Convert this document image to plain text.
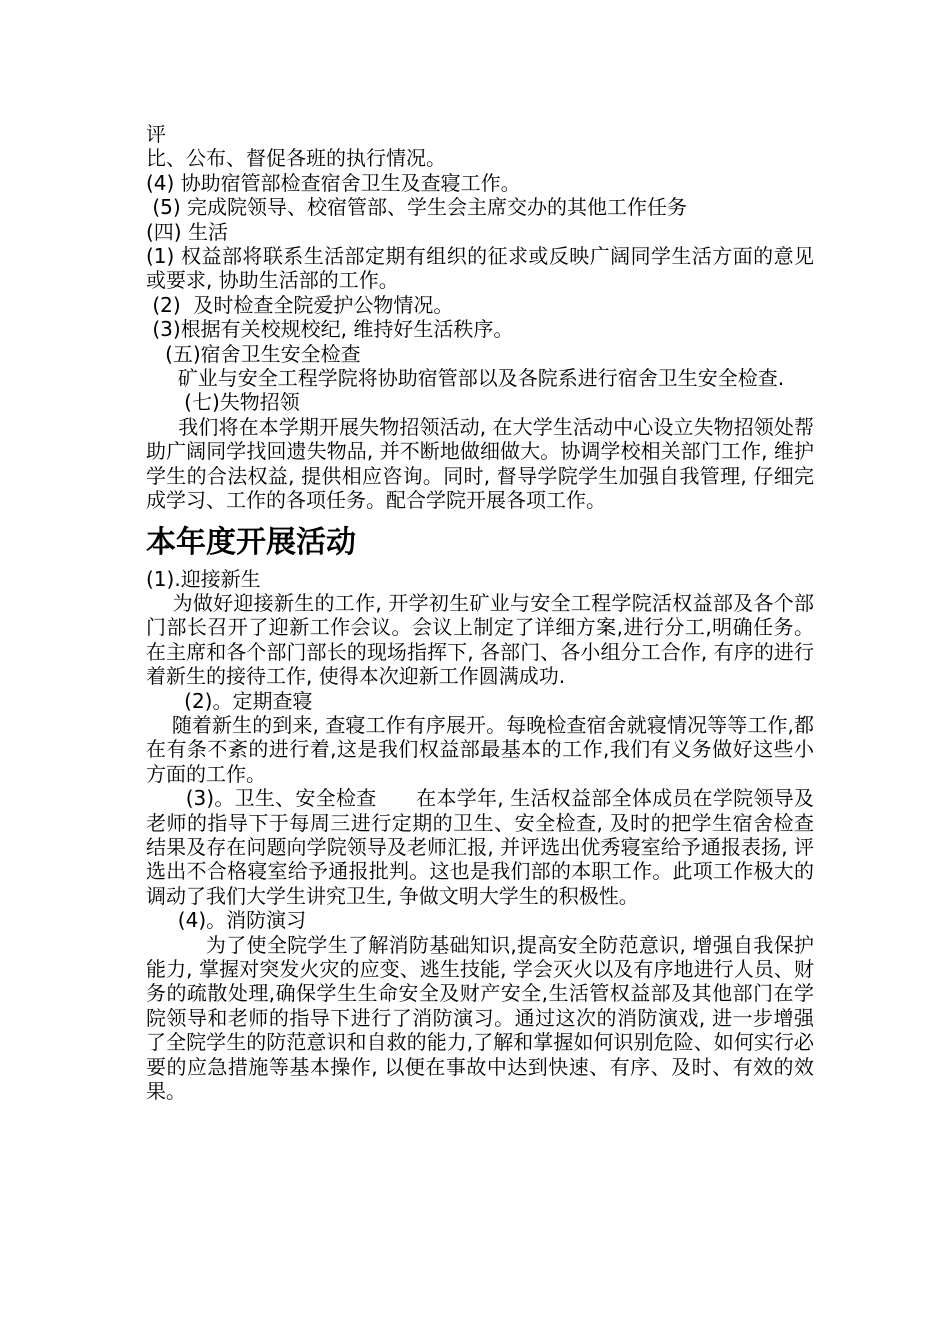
评

比、公布、督促各班的执行情况。

(4) 协助宿管部检查宿舍卫生及查寝工作。

(5) 完成院领导、校宿管部、学生会主席交办的其他工作任务

(四) 生活

(1) 权益部将联系生活部定期有组织的征求或反映广阔同学生活方面的意见或要求, 协助生活部的工作。

(2)  及时检查全院爱护公物情况。

(3)根据有关校规校纪, 维持好生活秩序。

(五)宿舍卫生安全检查

矿业与安全工程学院将协助宿管部以及各院系进行宿舍卫生安全检查.

(七)失物招领

我们将在本学期开展失物招领活动, 在大学生活动中心设立失物招领处帮助广阔同学找回遗失物品, 并不断地做细做大。协调学校相关部门工作, 维护学生的合法权益, 提供相应咨询。同时, 督导学院学生加强自我管理, 仔细完成学习、工作的各项任务。配合学院开展各项工作。

本年度开展活动

(1).迎接新生

为做好迎接新生的工作, 开学初生矿业与安全工程学院活权益部及各个部门部长召开了迎新工作会议。会议上制定了详细方案,进行分工,明确任务。在主席和各个部门部长的现场指挥下, 各部门、各小组分工合作, 有序的进行着新生的接待工作, 使得本次迎新工作圆满成功.

(2)。定期查寝

随着新生的到来, 查寝工作有序展开。每晚检查宿舍就寝情况等等工作,都在有条不紊的进行着,这是我们权益部最基本的工作,我们有义务做好这些小方面的工作。

(3)。卫生、安全检查      在本学年, 生活权益部全体成员在学院领导及老师的指导下于每周三进行定期的卫生、安全检查, 及时的把学生宿舍检查结果及存在问题向学院领导及老师汇报, 并评选出优秀寝室给予通报表扬, 评选出不合格寝室给予通报批判。这也是我们部的本职工作。此项工作极大的调动了我们大学生讲究卫生, 争做文明大学生的积极性。

(4)。消防演习

为了使全院学生了解消防基础知识,提高安全防范意识, 增强自我保护能力, 掌握对突发火灾的应变、逃生技能, 学会灭火以及有序地进行人员、财务的疏散处理,确保学生生命安全及财产安全,生活管权益部及其他部门在学院领导和老师的指导下进行了消防演习。通过这次的消防演戏, 进一步增强了全院学生的防范意识和自救的能力,了解和掌握如何识别危险、如何实行必要的应急措施等基本操作, 以便在事故中达到快速、有序、及时、有效的效果。
